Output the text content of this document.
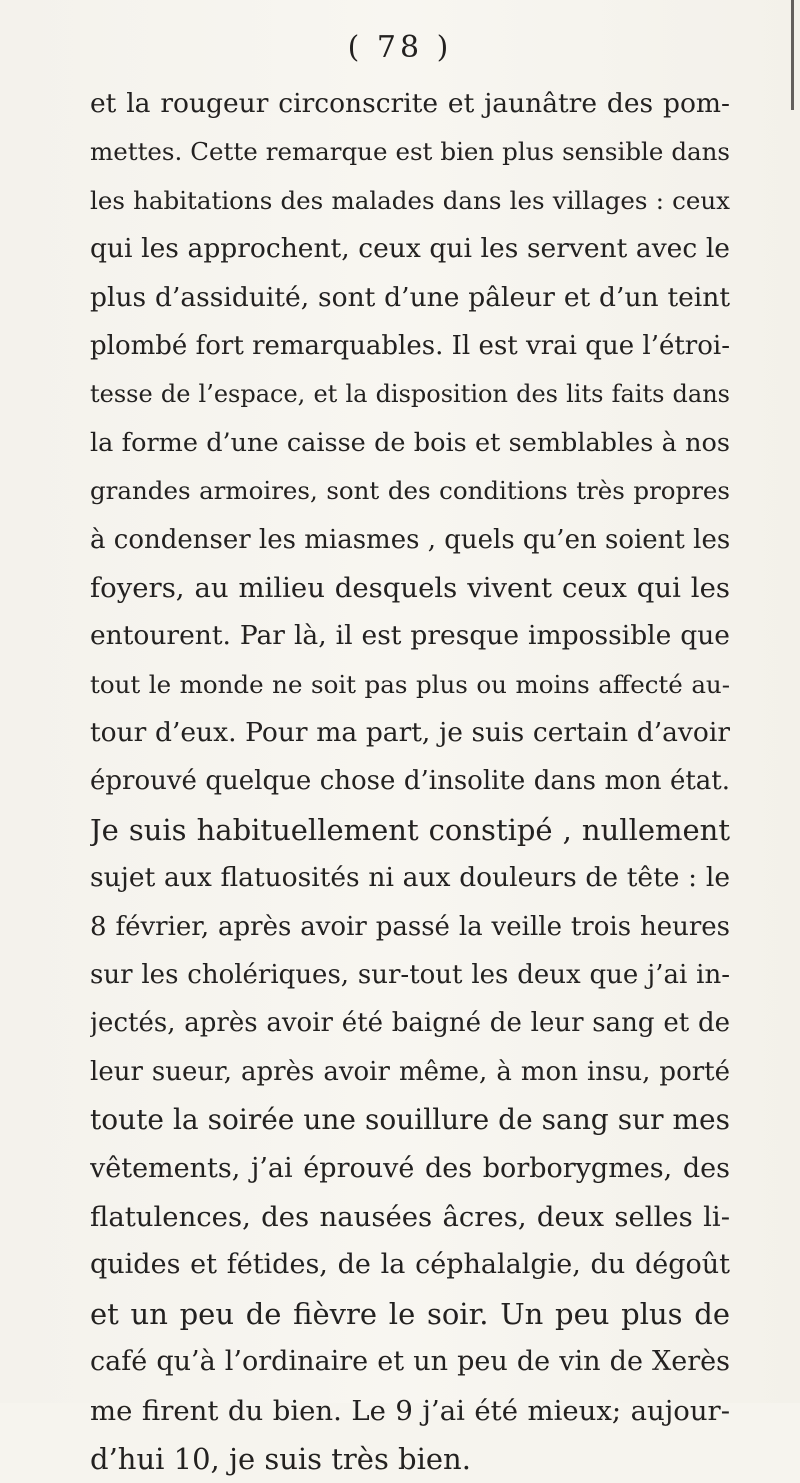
( 78 )
et la rougeur circonscrite et jaunâtre des pom-
mettes. Cette remarque est bien plus sensible dans
les habitations des malades dans les villages : ceux
qui les approchent, ceux qui les servent avec le
plus d’assiduité, sont d’une pâleur et d’un teint
plombé fort remarquables. Il est vrai que l’étroi-
tesse de l’espace, et la disposition des lits faits dans
la forme d’une caisse de bois et semblables à nos
grandes armoires, sont des conditions très propres
à condenser les miasmes , quels qu’en soient les
foyers, au milieu desquels vivent ceux qui les
entourent. Par là, il est presque impossible que
tout le monde ne soit pas plus ou moins affecté au-
tour d’eux. Pour ma part, je suis certain d’avoir
éprouvé quelque chose d’insolite dans mon état.
Je suis habituellement constipé , nullement
sujet aux flatuosités ni aux douleurs de tête : le
8 février, après avoir passé la veille trois heures
sur les cholériques, sur-tout les deux que j’ai in-
jectés, après avoir été baigné de leur sang et de
leur sueur, après avoir même, à mon insu, porté
toute la soirée une souillure de sang sur mes
vêtements, j’ai éprouvé des borborygmes, des
flatulences, des nausées âcres, deux selles li-
quides et fétides, de la céphalalgie, du dégoût
et un peu de fièvre le soir. Un peu plus de
café qu’à l’ordinaire et un peu de vin de Xerès
me firent du bien. Le 9 j’ai été mieux; aujour-
d’hui 10, je suis très bien.
